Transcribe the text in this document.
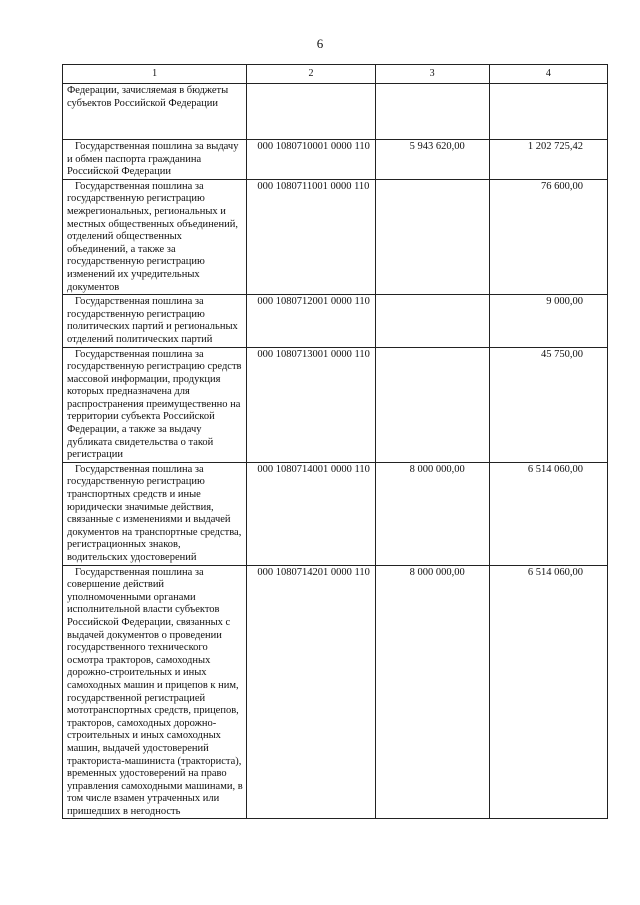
6
1	2	3	4
Федерации, зачисляемая в бюджеты субъектов Российской Федерации			
Государственная пошлина за выдачу и обмен паспорта гражданина Российской Федерации	000 1080710001 0000 110	5 943 620,00	1 202 725,42
Государственная пошлина за государственную регистрацию межрегиональных, региональных и местных общественных объединений, отделений общественных объединений, а также за государственную регистрацию изменений их учредительных документов	000 1080711001 0000 110		76 600,00
Государственная пошлина за государственную регистрацию политических партий и региональных отделений политических партий	000 1080712001 0000 110		9 000,00
Государственная пошлина за государственную регистрацию средств массовой информации, продукция которых предназначена для распространения преимущественно на территории субъекта Российской Федерации, а также за выдачу дубликата свидетельства о такой регистрации	000 1080713001 0000 110		45 750,00
Государственная пошлина за государственную регистрацию транспортных средств и иные юридически значимые действия, связанные с изменениями и выдачей документов на транспортные средства, регистрационных знаков, водительских удостоверений	000 1080714001 0000 110	8 000 000,00	6 514 060,00
Государственная пошлина за совершение действий уполномоченными органами исполнительной власти субъектов Российской Федерации, связанных с выдачей документов о проведении государственного технического осмотра тракторов, самоходных дорожно-строительных и иных самоходных машин и прицепов к ним, государственной регистрацией мототранспортных средств, прицепов, тракторов, самоходных дорожно-строительных и иных самоходных машин, выдачей удостоверений тракториста-машиниста (тракториста), временных удостоверений на право управления самоходными машинами, в том числе взамен утраченных или пришедших в негодность	000 1080714201 0000 110	8 000 000,00	6 514 060,00
